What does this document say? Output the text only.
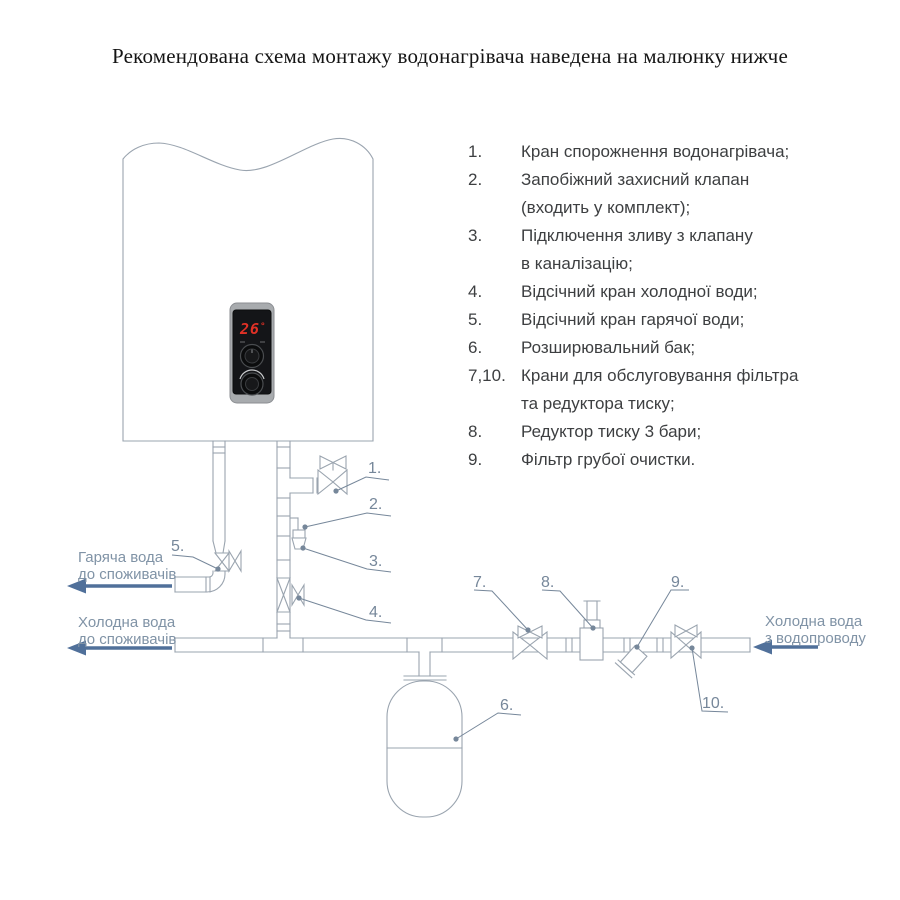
Рекомендована схема монтажу водонагрівача наведена на малюнку нижче
26°
Гаряча вода
до споживачів
Холодна вода
до споживачів
Холодна вода
з водопроводу
1.
2.
3.
4.
5.
6.
7.	8.	9.
10.
1.	Кран спорожнення водонагрівача;
2.	Запобіжний захисний клапан
(входить у комплект);
3.	Підключення зливу з клапану
в каналізацію;
4.	Відсічний кран холодної води;
5.	Відсічний кран гарячої води;
6.	Розширювальний бак;
7,10. Крани для обслуговування фільтра
та редуктора тиску;
8.	Редуктор тиску 3 бари;
9.	Фільтр грубої очистки.
